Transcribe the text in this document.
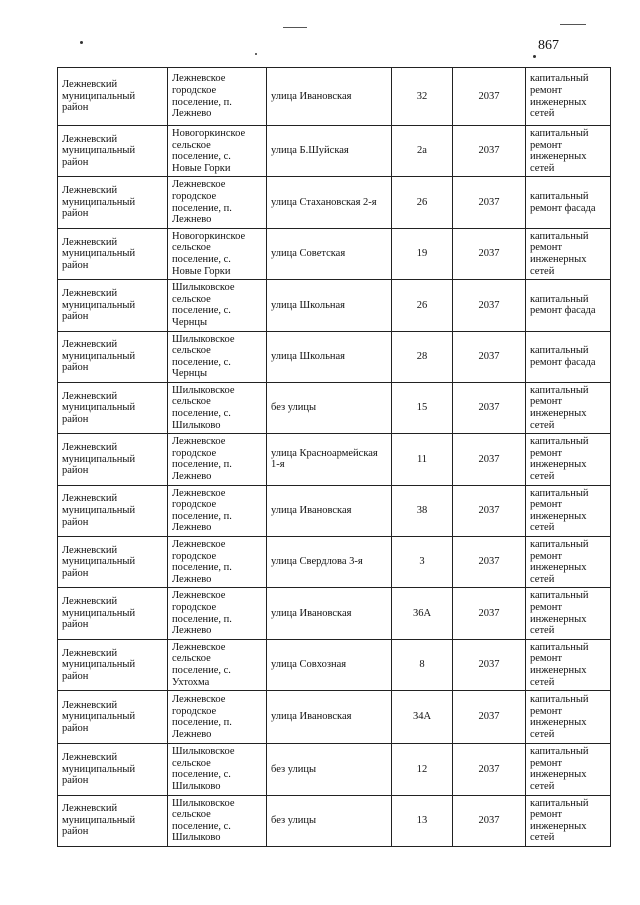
867
Лежневский муниципальный район	Лежневское городское поселение, п. Лежнево	улица Ивановская	32	2037	капитальный ремонт инженерных сетей
Лежневский муниципальный район	Новогоркинское сельское поселение, с. Новые Горки	улица Б.Шуйская	2а	2037	капитальный ремонт инженерных сетей
Лежневский муниципальный район	Лежневское городское поселение, п. Лежнево	улица Стахановская 2-я	26	2037	капитальный ремонт фасада
Лежневский муниципальный район	Новогоркинское сельское поселение, с. Новые Горки	улица Советская	19	2037	капитальный ремонт инженерных сетей
Лежневский муниципальный район	Шилыковское сельское поселение, с. Чернцы	улица Школьная	26	2037	капитальный ремонт фасада
Лежневский муниципальный район	Шилыковское сельское поселение, с. Чернцы	улица Школьная	28	2037	капитальный ремонт фасада
Лежневский муниципальный район	Шилыковское сельское поселение, с. Шилыково	без улицы	15	2037	капитальный ремонт инженерных сетей
Лежневский муниципальный район	Лежневское городское поселение, п. Лежнево	улица Красноармейская 1-я	11	2037	капитальный ремонт инженерных сетей
Лежневский муниципальный район	Лежневское городское поселение, п. Лежнево	улица Ивановская	38	2037	капитальный ремонт инженерных сетей
Лежневский муниципальный район	Лежневское городское поселение, п. Лежнево	улица Свердлова 3-я	3	2037	капитальный ремонт инженерных сетей
Лежневский муниципальный район	Лежневское городское поселение, п. Лежнево	улица Ивановская	36А	2037	капитальный ремонт инженерных сетей
Лежневский муниципальный район	Лежневское сельское поселение, с. Ухтохма	улица Совхозная	8	2037	капитальный ремонт инженерных сетей
Лежневский муниципальный район	Лежневское городское поселение, п. Лежнево	улица Ивановская	34А	2037	капитальный ремонт инженерных сетей
Лежневский муниципальный район	Шилыковское сельское поселение, с. Шилыково	без улицы	12	2037	капитальный ремонт инженерных сетей
Лежневский муниципальный район	Шилыковское сельское поселение, с. Шилыково	без улицы	13	2037	капитальный ремонт инженерных сетей
